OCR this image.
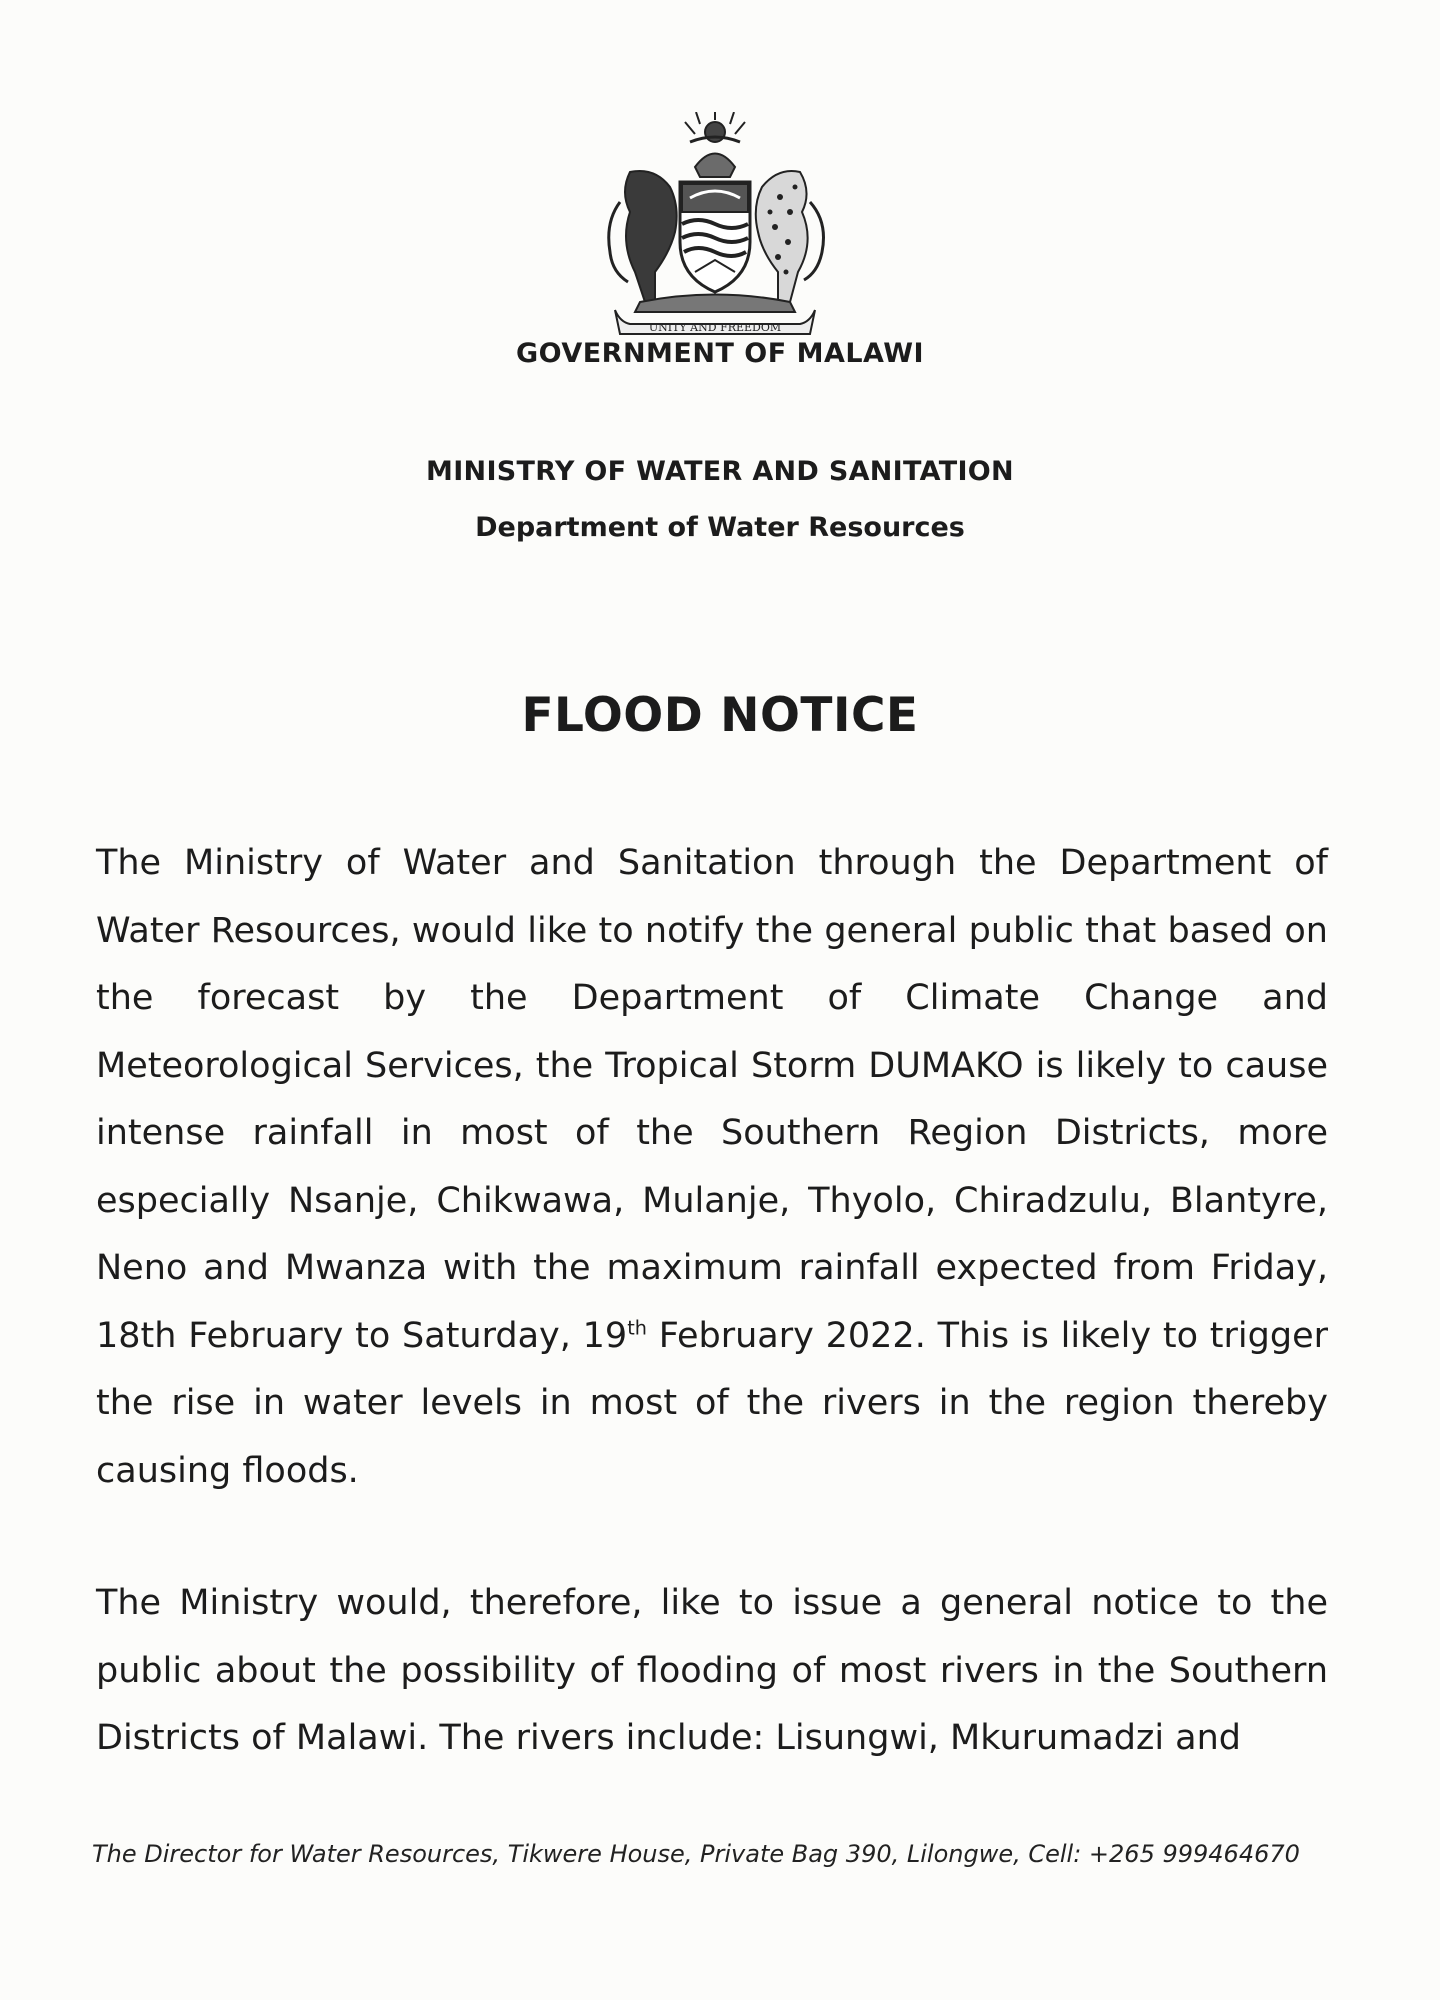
UNITY AND FREEDOM
GOVERNMENT OF MALAWI
MINISTRY OF WATER AND SANITATION
Department of Water Resources
FLOOD NOTICE

The Ministry of Water and Sanitation through the Department of Water Resources, would like to notify the general public that based on the forecast by the Department of Climate Change and Meteorological Services, the Tropical Storm DUMAKO is likely to cause intense rainfall in most of the Southern Region Districts, more especially Nsanje, Chikwawa, Mulanje, Thyolo, Chiradzulu, Blantyre, Neno and Mwanza with the maximum rainfall expected from Friday, 18th February to Saturday, 19th February 2022. This is likely to trigger the rise in water levels in most of the rivers in the region thereby causing floods.

The Ministry would, therefore, like to issue a general notice to the public about the possibility of flooding of most rivers in the Southern Districts of Malawi. The rivers include: Lisungwi, Mkurumadzi and

The Director for Water Resources, Tikwere House, Private Bag 390, Lilongwe, Cell: +265 999464670
